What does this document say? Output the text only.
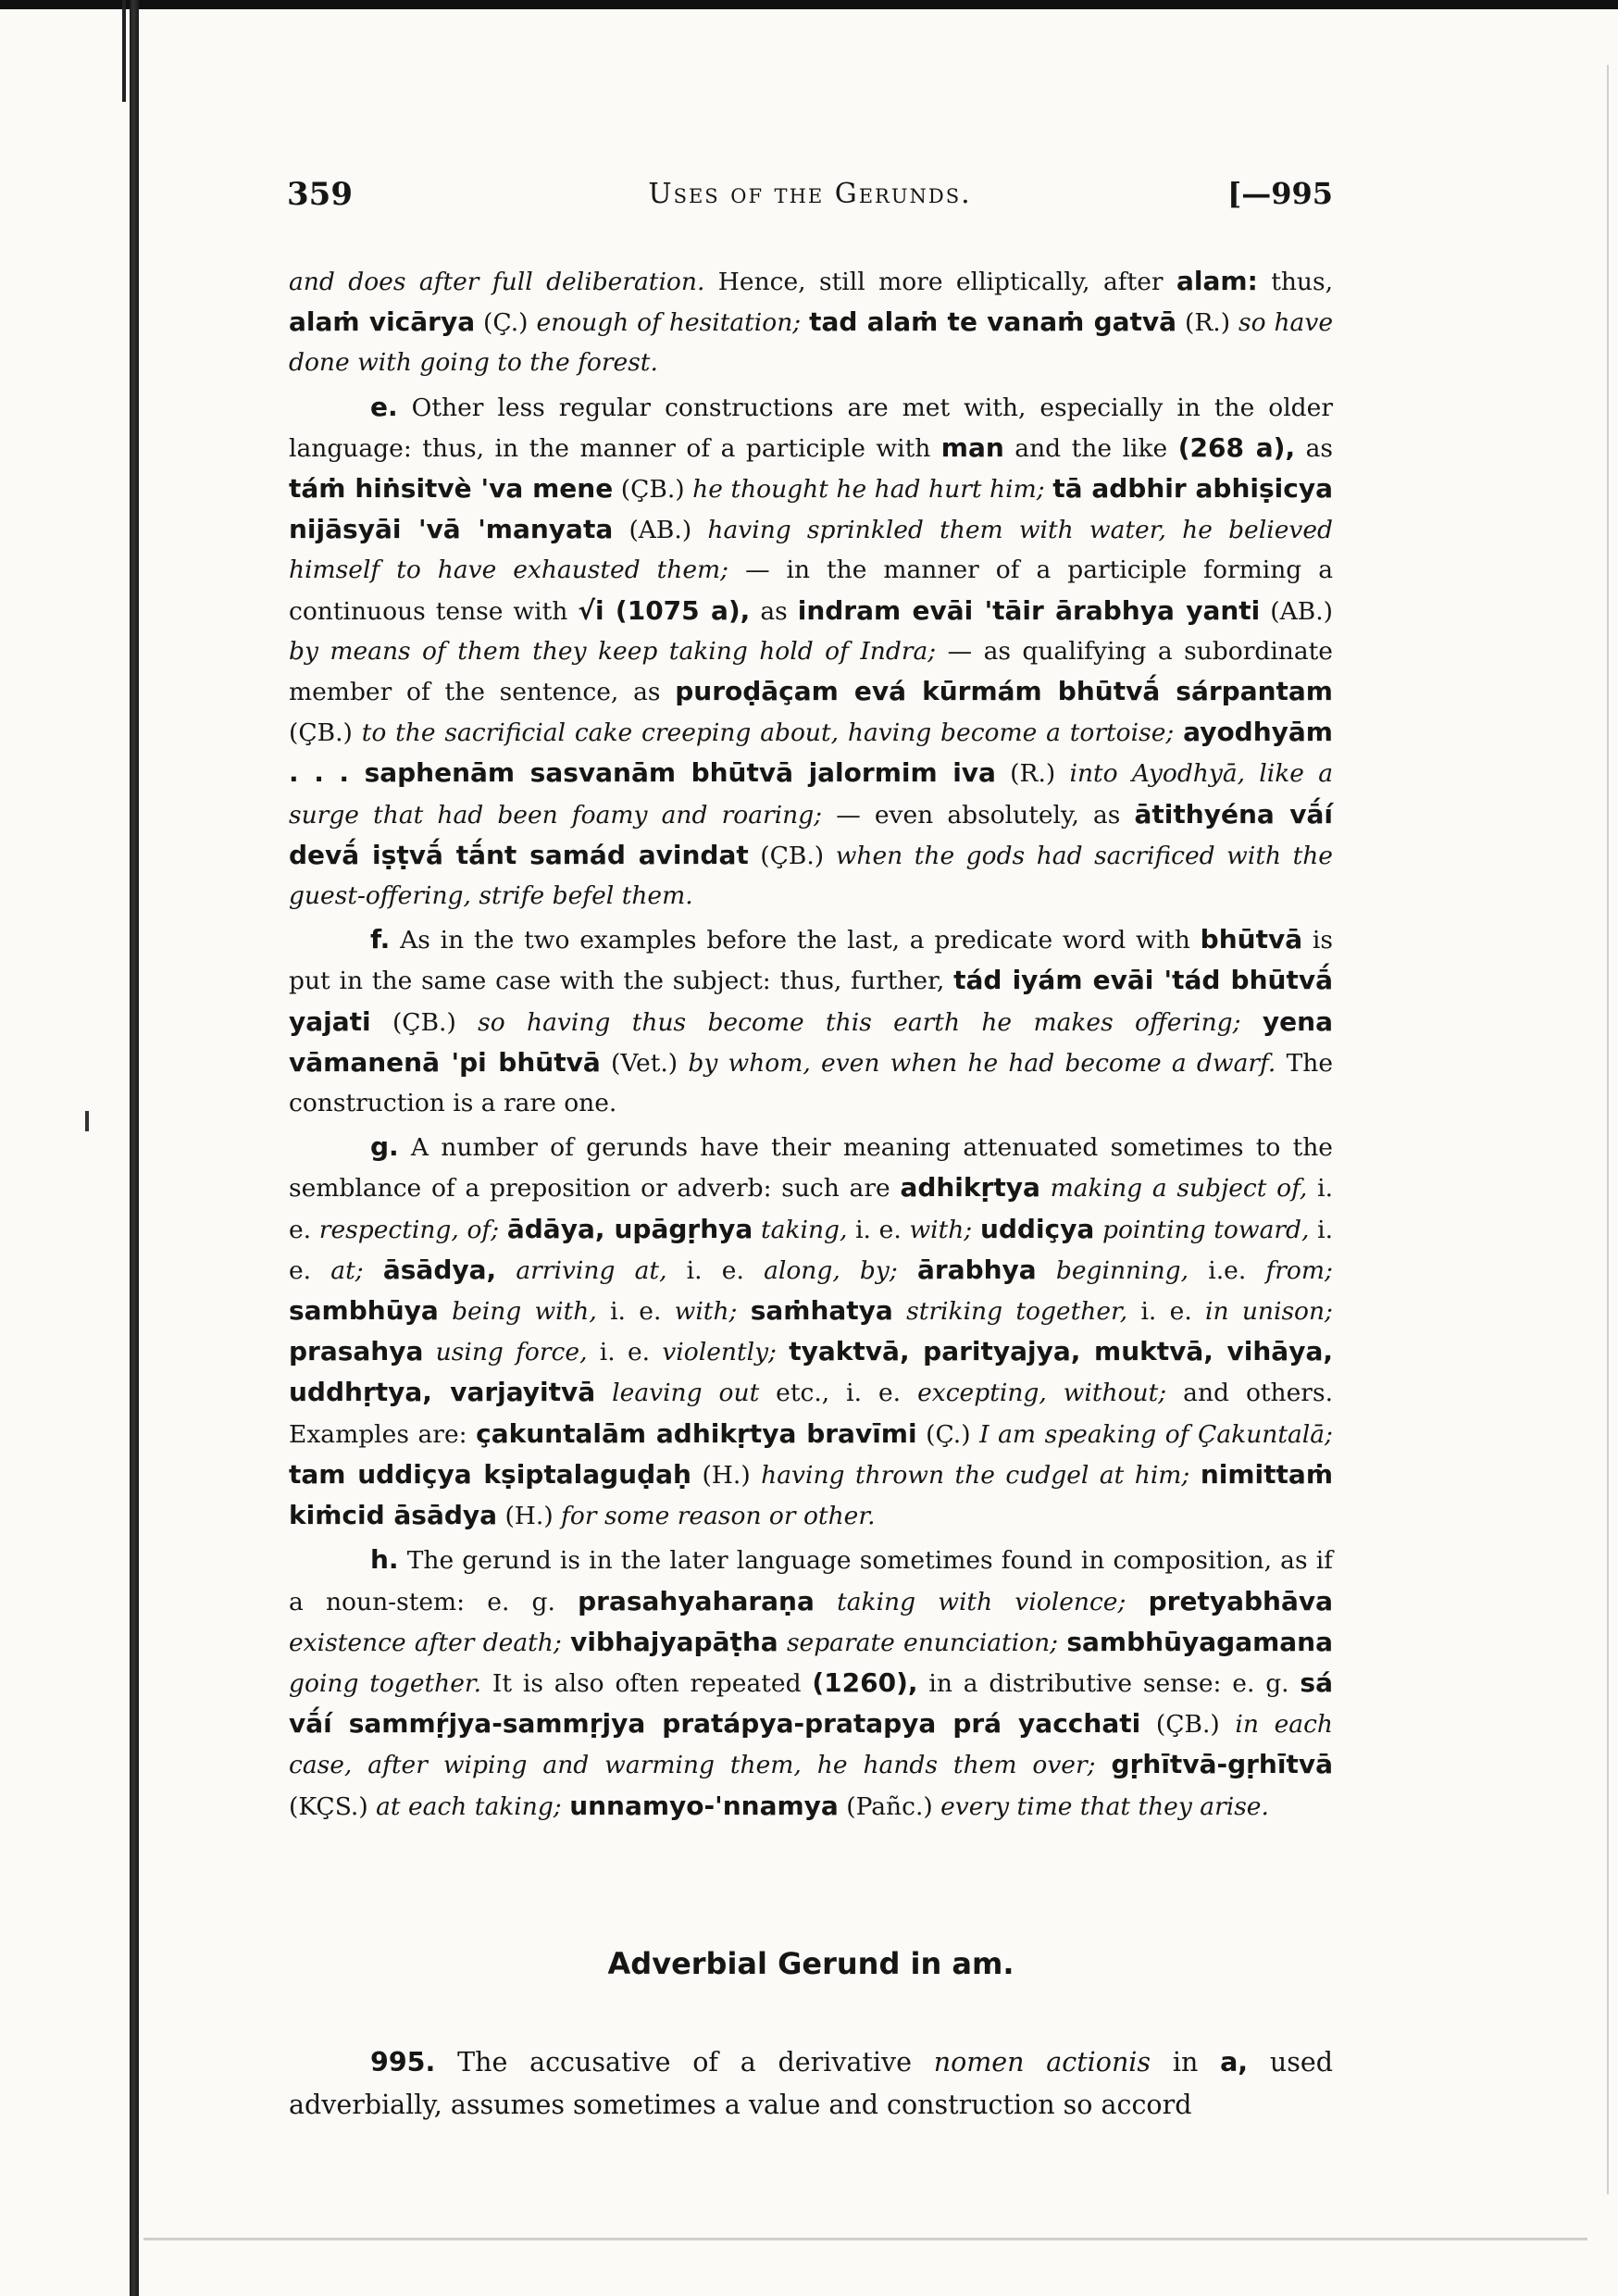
359	Uses of the Gerunds.	[—995

and does after full deliberation. Hence, still more elliptically, after alam: thus, alaṁ vicārya (Ç.) enough of hesitation; tad alaṁ te vanaṁ gatvā (R.) so have done with going to the forest.

e. Other less regular constructions are met with, especially in the older language: thus, in the manner of a participle with man and the like (268 a), as táṁ hiṅsitvè 'va mene (ÇB.) he thought he had hurt him; tā adbhir abhiṣicya nijāsyāi 'vā 'manyata (AB.) having sprinkled them with water, he believed himself to have exhausted them; — in the manner of a participle forming a continuous tense with √i (1075 a), as indram evāi 'tāir ārabhya yanti (AB.) by means of them they keep taking hold of Indra; — as qualifying a subordinate member of the sentence, as puroḍāçam evá kūrmám bhūtvā́ sárpantam (ÇB.) to the sacrificial cake creeping about, having become a tortoise; ayodhyām . . . saphenām sasvanām bhūtvā jalormim iva (R.) into Ayodhyā, like a surge that had been foamy and roaring; — even absolutely, as ātithyéna vā́í devā́ iṣṭvā́ tā́nt samád avindat (ÇB.) when the gods had sacrificed with the guest-offering, strife befel them.

f. As in the two examples before the last, a predicate word with bhūtvā is put in the same case with the subject: thus, further, tád iyám evāi 'tád bhūtvā́ yajati (ÇB.) so having thus become this earth he makes offering; yena vāmanenā 'pi bhūtvā (Vet.) by whom, even when he had become a dwarf. The construction is a rare one.

g. A number of gerunds have their meaning attenuated sometimes to the semblance of a preposition or adverb: such are adhikṛtya making a subject of, i. e. respecting, of; ādāya, upāgṛhya taking, i. e. with; uddiçya pointing toward, i. e. at; āsādya, arriving at, i. e. along, by; ārabhya beginning, i.e. from; sambhūya being with, i. e. with; saṁhatya striking together, i. e. in unison; prasahya using force, i. e. violently; tyaktvā, parityajya, muktvā, vihāya, uddhṛtya, varjayitvā leaving out etc., i. e. excepting, without; and others. Examples are: çakuntalām adhikṛtya bravīmi (Ç.) I am speaking of Çakuntalā; tam uddiçya kṣiptalaguḍaḥ (H.) having thrown the cudgel at him; nimittaṁ kiṁcid āsādya (H.) for some reason or other.

h. The gerund is in the later language sometimes found in composition, as if a noun-stem: e. g. prasahyaharaṇa taking with violence; pretyabhāva existence after death; vibhajyapāṭha separate enunciation; sambhūyagamana going together. It is also often repeated (1260), in a distributive sense: e. g. sá vā́í sammṛ́jya-sammṛjya pratápya-pratapya prá yacchati (ÇB.) in each case, after wiping and warming them, he hands them over; gṛhītvā-gṛhītvā (KÇS.) at each taking; unnamyo-'nnamya (Pañc.) every time that they arise.

Adverbial Gerund in am.

995. The accusative of a derivative nomen actionis in a, used adverbially, assumes sometimes a value and construction so accord
